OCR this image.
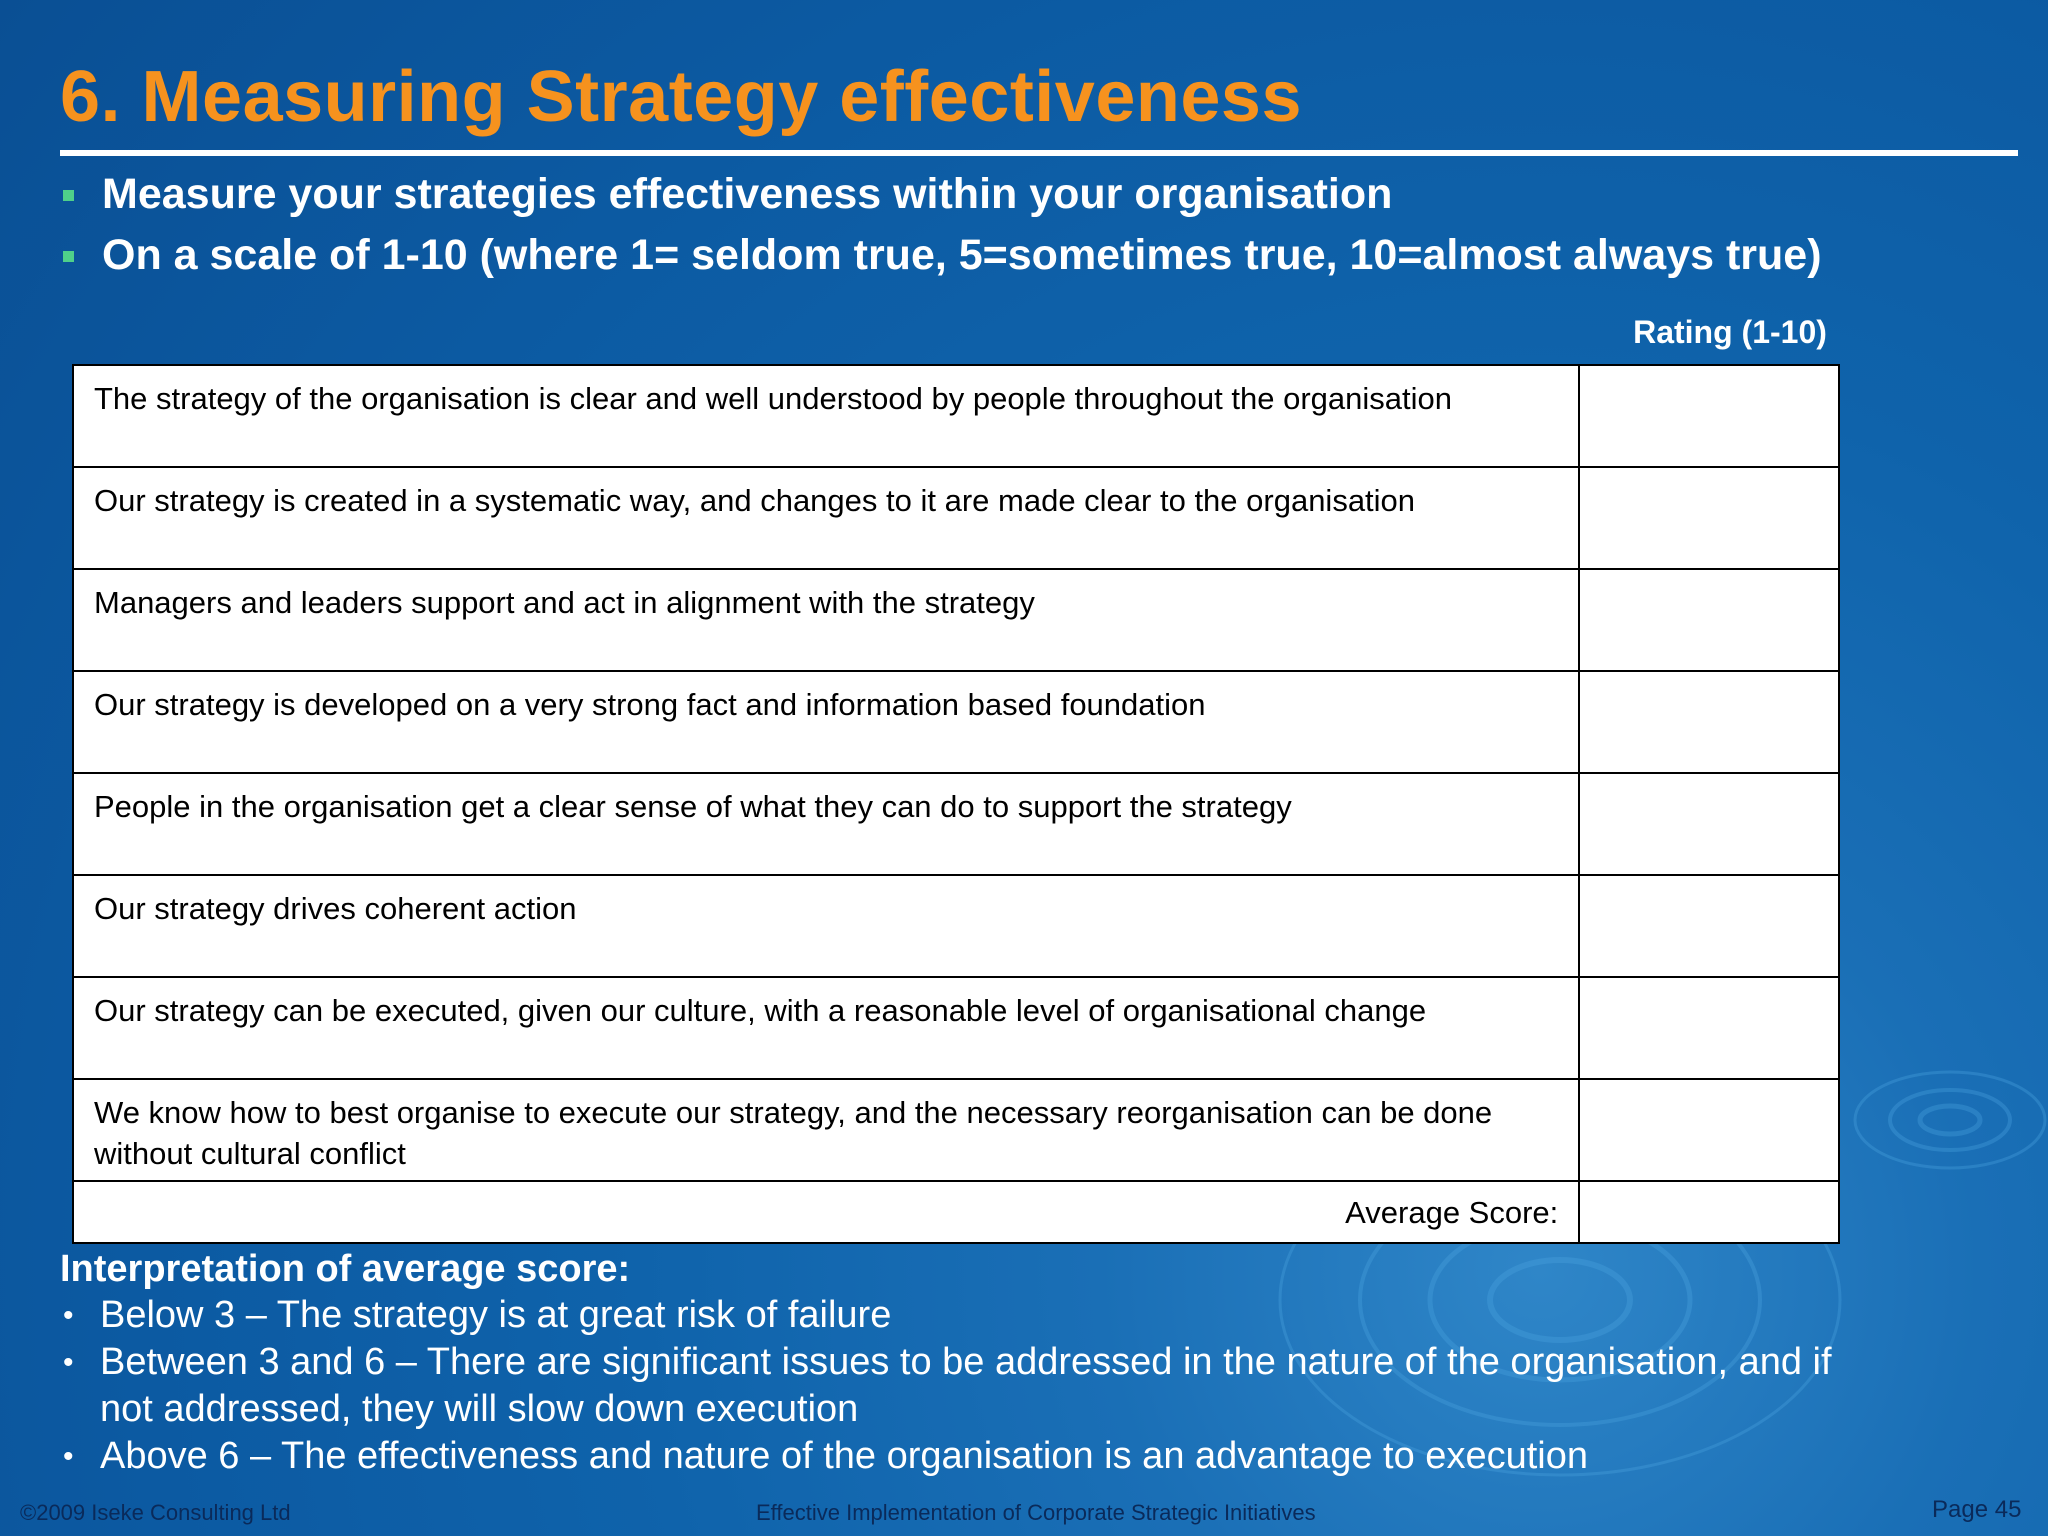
6. Measuring Strategy effectiveness
Measure your strategies effectiveness within your organisation
On a scale of 1-10 (where 1= seldom true, 5=sometimes true, 10=almost always true)
Rating (1-10)
The strategy of the organisation is clear and well understood by people throughout the organisation	
Our strategy is created in a systematic way, and changes to it are made clear to the organisation	
Managers and leaders support and act in alignment with the strategy	
Our strategy is developed on a very strong fact and information based foundation	
People in the organisation get a clear sense of what they can do to support the strategy	
Our strategy drives coherent action	
Our strategy can be executed, given our culture, with a reasonable level of organisational change	
We know how to best organise to execute our strategy, and the necessary reorganisation can be done without cultural conflict	
Average Score:	
Interpretation of average score:
• Below 3 – The strategy is at great risk of failure
• Between 3 and 6 – There are significant issues to be addressed in the nature of the organisation, and if not addressed, they will slow down execution
• Above 6 – The effectiveness and nature of the organisation is an advantage to execution
©2009 Iseke Consulting Ltd	Effective Implementation of Corporate Strategic Initiatives	Page 45
